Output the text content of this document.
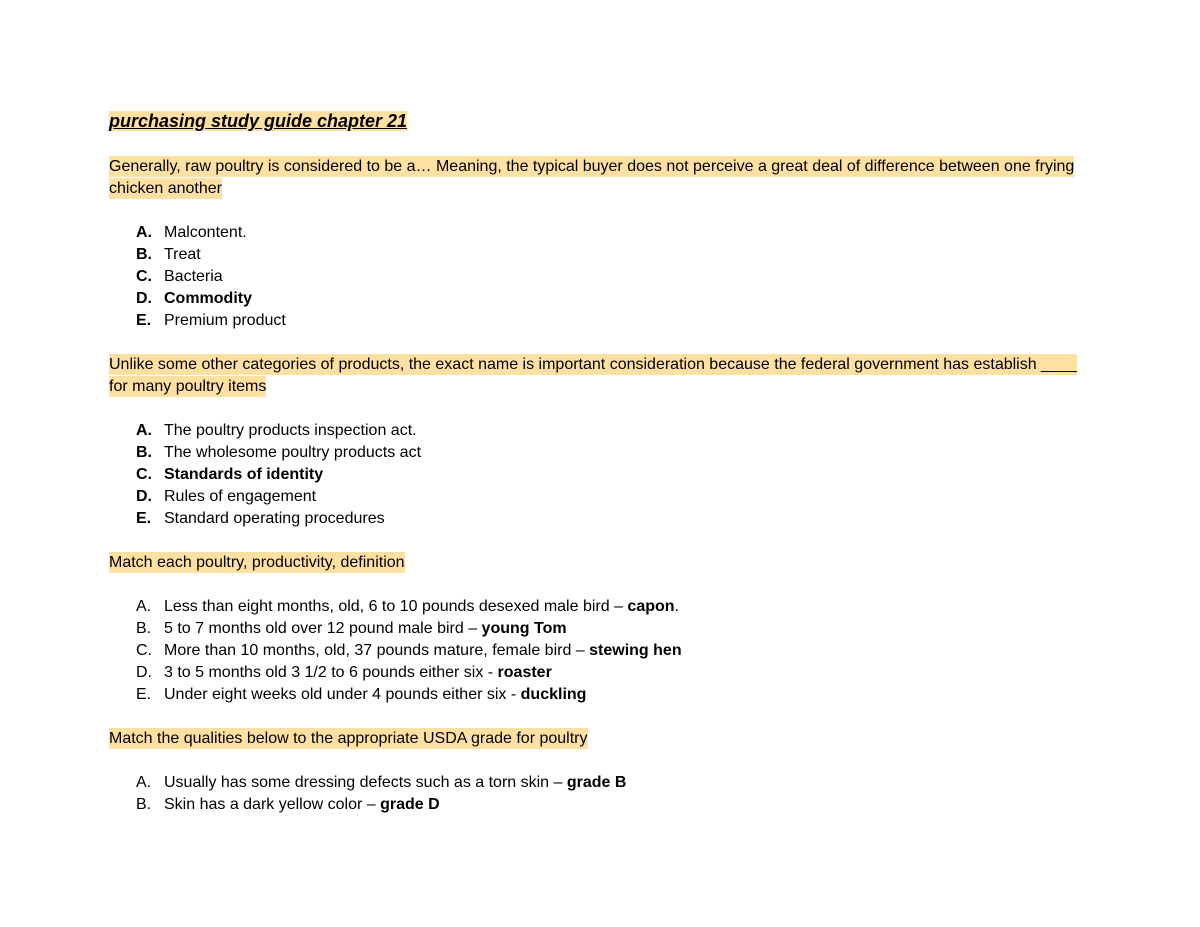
purchasing study guide chapter 21

Generally, raw poultry is considered to be a… Meaning, the typical buyer does not perceive a great deal of difference between one frying chicken another

A. Malcontent.
B. Treat
C. Bacteria
D. Commodity
E. Premium product

Unlike some other categories of products, the exact name is important consideration because the federal government has establish ____ for many poultry items

A. The poultry products inspection act.
B. The wholesome poultry products act
C. Standards of identity
D. Rules of engagement
E. Standard operating procedures

Match each poultry, productivity, definition

A. Less than eight months, old, 6 to 10 pounds desexed male bird – capon.
B. 5 to 7 months old over 12 pound male bird – young Tom
C. More than 10 months, old, 37 pounds mature, female bird – stewing hen
D. 3 to 5 months old 3 1/2 to 6 pounds either six - roaster
E. Under eight weeks old under 4 pounds either six - duckling

Match the qualities below to the appropriate USDA grade for poultry

A. Usually has some dressing defects such as a torn skin – grade B
B. Skin has a dark yellow color – grade D
